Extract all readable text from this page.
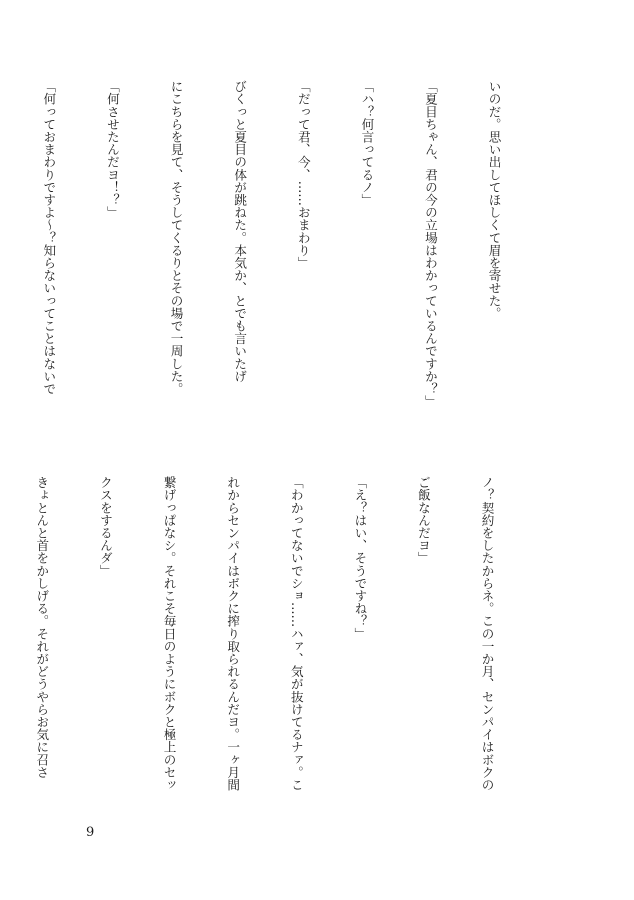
いのだ。思い出してほしくて眉を寄せた。

「夏目ちゃん、君の今の立場はわかっているんですか？」

「ハ？何言ってるノ」

「だって君、今、……おまわり」

びくっと夏目の体が跳ねた。本気か、とでも言いたげ

にこちらを見て、そうしてくるりとその場で一周した。

「何させたんだヨ！？」

「何っておまわりですよ～？知らないってことはないで

ノ？契約をしたからネ。この一か月、センパイはボクの

ご飯なんだヨ」

「え？はい、そうですね？」

「わかってないでショ……ハァ、気が抜けてるナァ。こ

れからセンパイはボクに搾り取られるんだヨ。一ヶ月間

繋げっぱなシ。それこそ毎日のようにボクと極上のセッ

クスをするんダ」

きょとんと首をかしげる。それがどうやらお気に召さ

9
